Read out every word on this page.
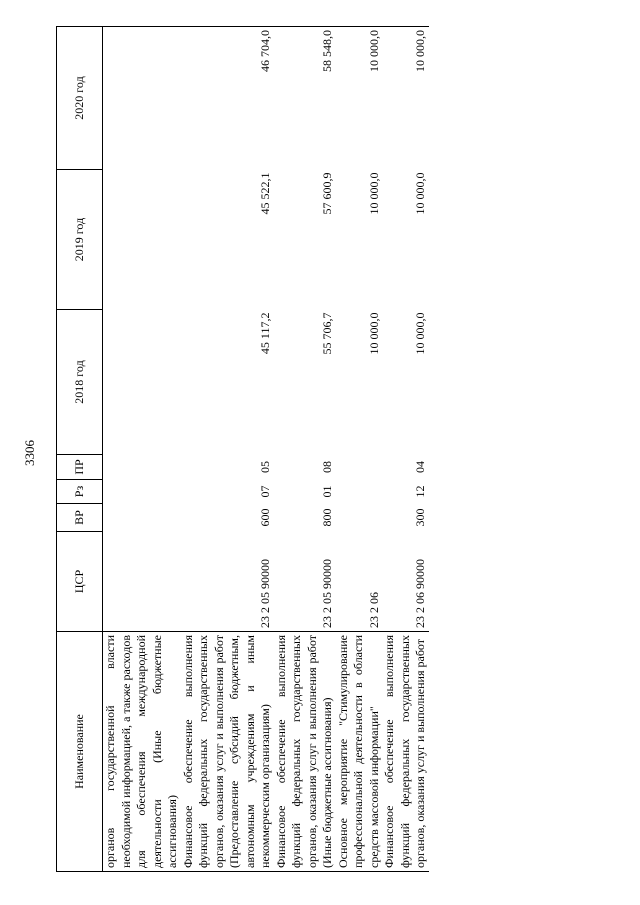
3306
Наименование	ЦСР	ВР	Рз	ПР	2018 год	2019 год	2020 год
органов государственной власти необходимой информацией, а также расходов для обеспечения международной деятельности (Иные бюджетные ассигнования)							
Финансовое обеспечение выполнения функций федеральных государственных органов, оказания услуг и выполнения работ (Предоставление субсидий бюджетным, автономным учреждениям и иным некоммерческим организациям)	23 2 05 90000	600	07	05	45 117,2	45 522,1	46 704,0
Финансовое обеспечение выполнения функций федеральных государственных органов, оказания услуг и выполнения работ (Иные бюджетные ассигнования)	23 2 05 90000	800	01	08	55 706,7	57 600,9	58 548,0
Основное мероприятие "Стимулирование профессиональной деятельности в области средств массовой информации"	23 2 06				10 000,0	10 000,0	10 000,0
Финансовое обеспечение выполнения функций федеральных государственных органов, оказания услуг и выполнения работ	23 2 06 90000	300	12	04	10 000,0	10 000,0	10 000,0
